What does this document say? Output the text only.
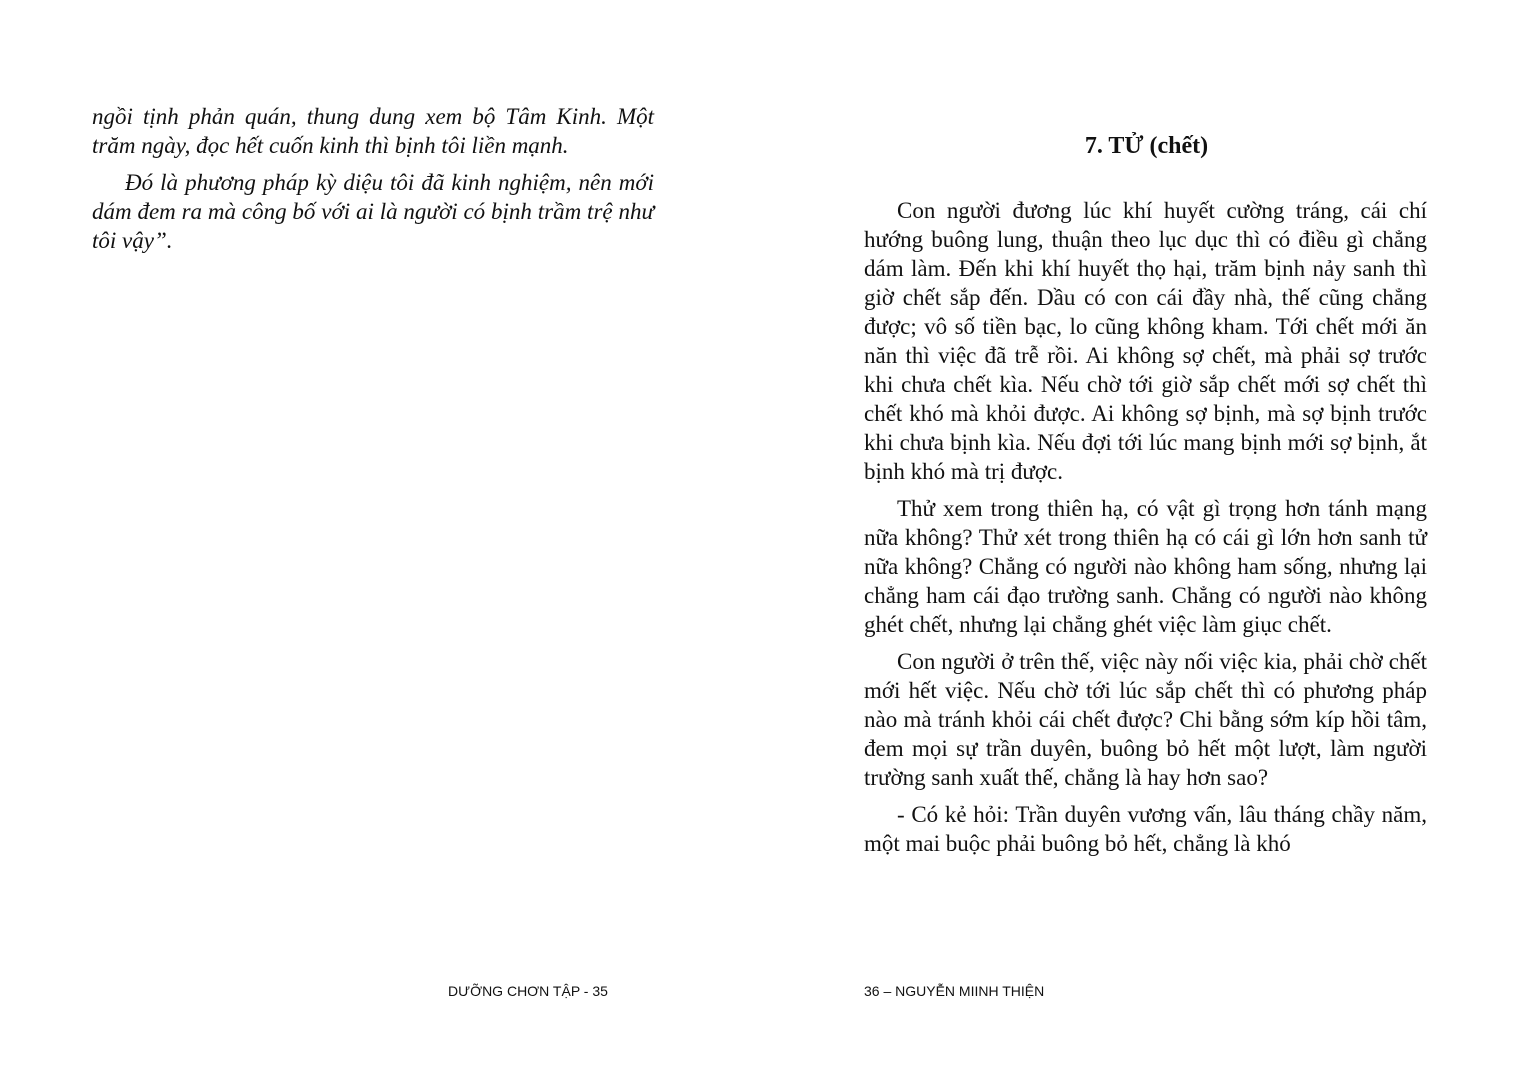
ngồi tịnh phản quán, thung dung xem bộ Tâm Kinh. Một trăm ngày, đọc hết cuốn kinh thì bịnh tôi liền mạnh.

Đó là phương pháp kỳ diệu tôi đã kinh nghiệm, nên mới dám đem ra mà công bố với ai là người có bịnh trầm trệ như tôi vậy”.

DƯỠNG CHƠN TẬP - 35
7. TỬ (chết)

Con người đương lúc khí huyết cường tráng, cái chí hướng buông lung, thuận theo lục dục thì có điều gì chẳng dám làm. Đến khi khí huyết thọ hại, trăm bịnh nảy sanh thì giờ chết sắp đến. Dầu có con cái đầy nhà, thế cũng chẳng được; vô số tiền bạc, lo cũng không kham. Tới chết mới ăn năn thì việc đã trễ rồi. Ai không sợ chết, mà phải sợ trước khi chưa chết kìa. Nếu chờ tới giờ sắp chết mới sợ chết thì chết khó mà khỏi được. Ai không sợ bịnh, mà sợ bịnh trước khi chưa bịnh kìa. Nếu đợi tới lúc mang bịnh mới sợ bịnh, ắt bịnh khó mà trị được.

Thử xem trong thiên hạ, có vật gì trọng hơn tánh mạng nữa không? Thử xét trong thiên hạ có cái gì lớn hơn sanh tử nữa không? Chẳng có người nào không ham sống, nhưng lại chẳng ham cái đạo trường sanh. Chẳng có người nào không ghét chết, nhưng lại chẳng ghét việc làm giục chết.

Con người ở trên thế, việc này nối việc kia, phải chờ chết mới hết việc. Nếu chờ tới lúc sắp chết thì có phương pháp nào mà tránh khỏi cái chết được? Chi bằng sớm kíp hồi tâm, đem mọi sự trần duyên, buông bỏ hết một lượt, làm người trường sanh xuất thế, chẳng là hay hơn sao?

- Có kẻ hỏi: Trần duyên vương vấn, lâu tháng chầy năm, một mai buộc phải buông bỏ hết, chẳng là khó

36 – NGUYỄN MIINH THIỆN
